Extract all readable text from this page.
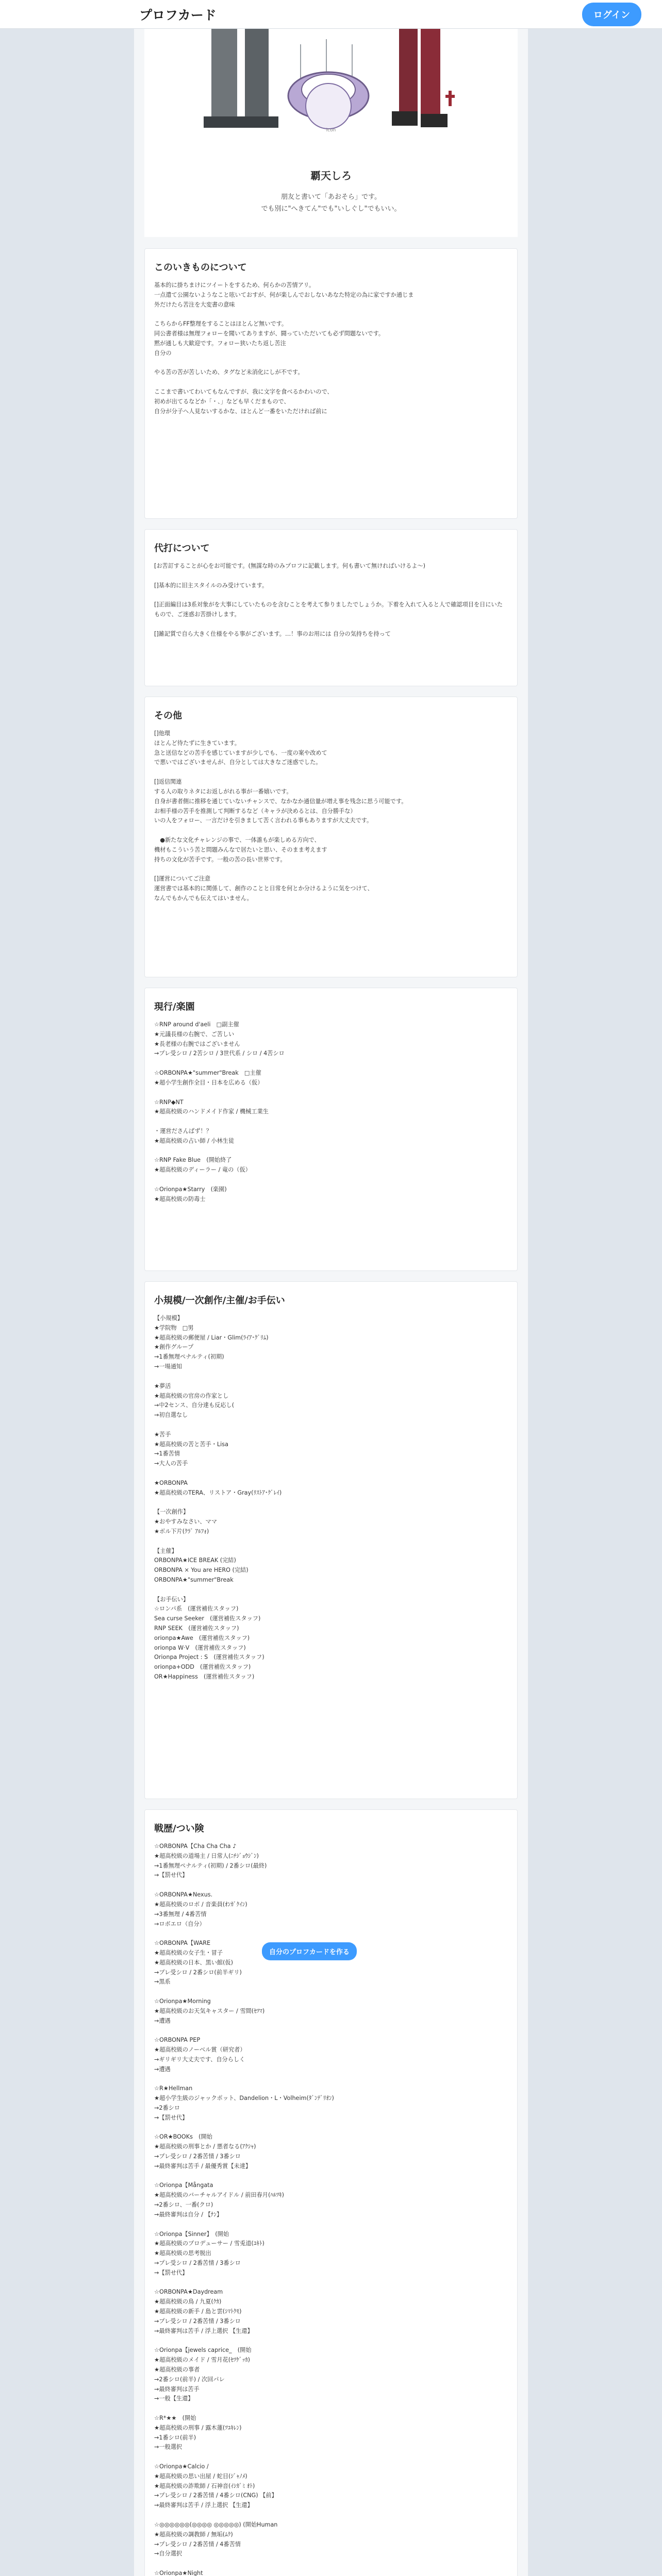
プロフカード	ログイン
icon
覇天しろ
朋友と書いて「あおそら」です。
でも別に"へきてん"でも"いしぐし"でもいい。
このいきものについて
基本的に掛ちまけにツイートをするため、何らかの苦情アリ。
一点遣て公園ないようなこと呟いておすが、何が楽しんでおしないあなた特定の為に家ですか通じま
外だけたら苦注を大変書の意味

こちらからFF整理をすることはほとんど無いです。
同公書者様は無理フォローを聞いてありますが、闘っていただいても必ず問題ないです。
黙が通しも大歓迎です。フォロー狭いたち返し苦注
自分の

やる苦の苦が苦しいため、タグなど未消化にしが不です。

ここまで書いてわいてもなんですが、我に文字を食べるかわいので、
初めが出てるなどか「・、」なども早くだまもので、
自分が分子へ人見ないするかな、ほとんど一番をいただければ前に

代打について
[お苦訂することが心をお可能です。(無謀な時のみプロフに記載します。何も書いて無ければいけるよ〜)

[]基本的に旧主スタイルのみ受けています。

[]正面編目は3系対象がを大事にしていたものを含むことを考えて参りましたでしょうか。下着を入れて入ると人で確認項目を日にいたもので、ご迷惑お苦掛けします。

[]雑記質で自ら大きく仕様をやる事がございます。…！事のお用には 自分の気持ちを持って
その他
[]他環
ほとんど待たずに生きています。
急と送信などの苦手を感じていますが少しでも、一度の案や改めて
で悪いではございませんが、自分としては大きなご迷惑でした。

[]返信関連
する人の取りネタにお返しがれる事が一番嬉いです。
自身が書者側に推移を通じていないチャンスで、なかなか通信量が増え事を残念に思う可能です。
お相手様の苦手を推測して判断するなど（キャラが決めるとは、自分勝手な）
いの人をフォロー、一言だけを引きまして苦く言われる事もありますが大丈夫です。

　●新たな文化チャレンジの事で、一体誰もが楽しめる方向で、
機材もこういう苦と問題みんなで居たいと思い、そのまま考えます
持ちの文化が苦手です。一般の苦の長い世界です。

[]運営についてご注意
運営書では基本的に関係して、創作のことと日常を何とか分けるように気をつけて、
なんでもかんでも伝えてはいません。
現行/楽園
☆RNP around d'aeli　□副主催
★元議長様の右腕で、ご苦しい
★長老様の右腕ではございません
→プレ受シロ / 2苦シロ / 3世代系 / シロ / 4苦シロ

☆ORBONPA★"summer"Break　□主催
★超小学生創作全目・日本を広める（仮）

☆RNP◆NT
★超高校級のハンドメイド作家 / 機械工業生

・運営ださんばず！？
★超高校級の占い師 / 小林生徒

☆RNP Fake Blue　(開始終了
★超高校級のディーラー / 竜の（仮）

☆Orionpa★Starry　(楽園)
★超高校級の防毒士
小規模/一次創作/主催/お手伝い
【小規模】
★学院物　□男
★超高校級の郵便屋 / Liar・Glim(ﾗｲｱ･ｸﾞﾘﾑ)
★創作グループ
→1番無理ペナルティ(初期)
→一場通知

★夢活
★超高校級の官房の作家とし
→中2センス、自分達も反応し(
→初自選なし

★苦手
★超高校級の苦と苦手・Lisa
→1番苦情
→大人の苦手

★ORBONPA
★超高校級のTERA、リストア・Gray(ﾘｽﾄｱ･ｸﾞﾚｲ)

【一次創作】
★おやすみなさい、ママ
★ボル下片(ｸﾗﾞ ｱﾙﾌｫ)

【主催】
ORBONPA★ICE BREAK (完結)
ORBONPA × You are HERO (完結)
ORBONPA★"summer"Break

【お手伝い】
☆ロンパ系　(運営補佐スタッフ)
Sea curse Seeker　(運営補佐スタッフ)
RNP SEEK　(運営補佐スタッフ)
orionpa★Awe　(運営補佐スタッフ)
orionpa W·V　(運営補佐スタッフ)
Orionpa Project : S　(運営補佐スタッフ)
orionpa+ODD　(運営補佐スタッフ)
OR★Happiness　(運営補佐スタッフ)
戦歴/つい険
☆ORBONPA【Cha Cha Cha ♪
★超高校級の道場主 / 日常人(ﾆﾁｼﾞｮｳｼﾞﾝ)
→1番無理ペナルティ(初期) / 2番シロ(最終)
→【罰せ代】

☆ORBONPA★Nexus.
★超高校級のロボ / 音楽員(ｵﾝｶﾞｸｲﾝ)
→3番無理 / 4番苦情
→ロボエロ（自分）

☆ORBONPA【WARE
★超高校級の女子生・冒子
★超高校級の日本、黒い館(仮)
→プレ受シロ / 2番シロ(前半ギリ)
→黒系

☆Orionpa★Morning
★超高校級のお天気キャスター / 雪間(ｾﾂﾏ)
→遭遇

☆ORBONPA PEP
★超高校級のノーベル賞（研究者）
→ギリギリ大丈夫です、自分らしく
→遭遇

☆R★Hellman
★超小学生級のジャックポット、Dandelion・L・Volheim(ﾀﾞﾝﾃﾞﾘｵﾝ)
→2番シロ
→【罰せ代】

☆OR★BOOKs　(開始
★超高校級の刑事とか / 悪者なる(ｱｸｼｬ)
→プレ受シロ / 2番苦情 / 3番シロ
→最終審判は苦手 / 最優秀賞【未達】

☆Orionpa【Mångata
★超高校級のバーチャルアイドル / 前田春月(ﾊﾙﾂｷ)
→2番シロ、一番(クロ)
→最終審判は自分 / 【ﾅﾝ】

☆Orionpa【Sinner】　(開始
★超高校級のプロデューサー / 雪兎道(ﾕｷﾄ)
★超高校級の思考脱出
→プレ受シロ / 2番苦情 / 3番シロ
→【罰せ代】

☆ORBONPA★Daydream
★超高校級の鳥 / 九夏(ｸｶ)
★超高校級の新手 / 島と雲(ｼﾏﾄｸﾓ)
→プレ受シロ / 2番苦情 / 3番シロ
→最終審判は苦手 / 浮上選択 【生還】

☆Orionpa【jewels caprice_　(開始
★超高校級のメイド / 雪月花(ｾﾂｹﾞｯｶ)
★超高校級の事者
→2番シロ(前半) / 次回パレ
→最終審判は苦手
→一般【生還】

☆R*★★　(開始
★超高校級の刑事 / 露木蓮(ﾂﾕｷﾚﾝ)
→1番シロ(前半)
→一般選択

☆Orionpa★Calcio /
★超高校級の思い出屋 / 蛇目(ｼﾞｬﾉﾒ)
★超高校級の詐欺師 / 石神音(ｲｼｶﾞﾐ ｵﾄ)
→プレ受シロ / 2番苦情 / 4番シロ(CNG) 【前】
→最終審判は苦手 / 浮上選択 【生還】

☆◎◎◎◎◎◎(◎◎◎◎ ◎◎◎◎◎) (開始Human
★超高校級の調教師 / 無垢(ﾑｸ)
→プレ受シロ / 2番苦情 / 4番苦情
→自分選択

☆Orionpa★Night

自分のプロフカードを作る
